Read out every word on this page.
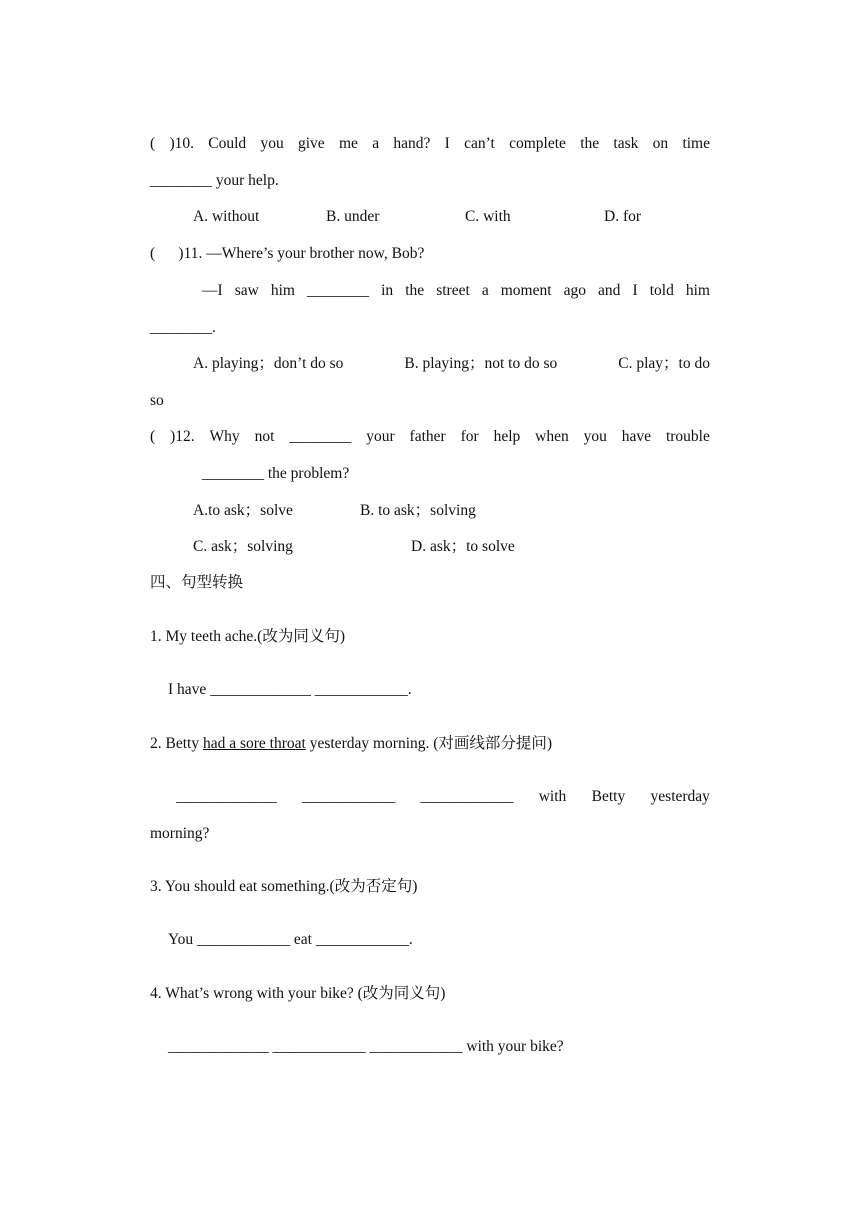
( )10. Could you give me a hand? I can’t complete the task on time
________ your help.
A. without	B. under	C. with	D. for
(      )11. —Where’s your brother now, Bob?
—I saw him ________ in the street a moment ago and I told him
________.
A. playing；don’t do so	B. playing；not to do so	C. play；to do
so
( )12. Why not ________ your father for help when you have trouble
________ the problem?
A.to ask；solve	B. to ask；solving
C. ask；solving	D. ask；to solve
四、句型转换
1. My teeth ache.(改为同义句)
I have _____________ ____________.
2. Betty had a sore throat yesterday morning. (对画线部分提问)
_____________ ____________ ____________ with Betty yesterday
morning?
3. You should eat something.(改为否定句)
You ____________ eat ____________.
4. What’s wrong with your bike? (改为同义句)
_____________ ____________ ____________ with your bike?
